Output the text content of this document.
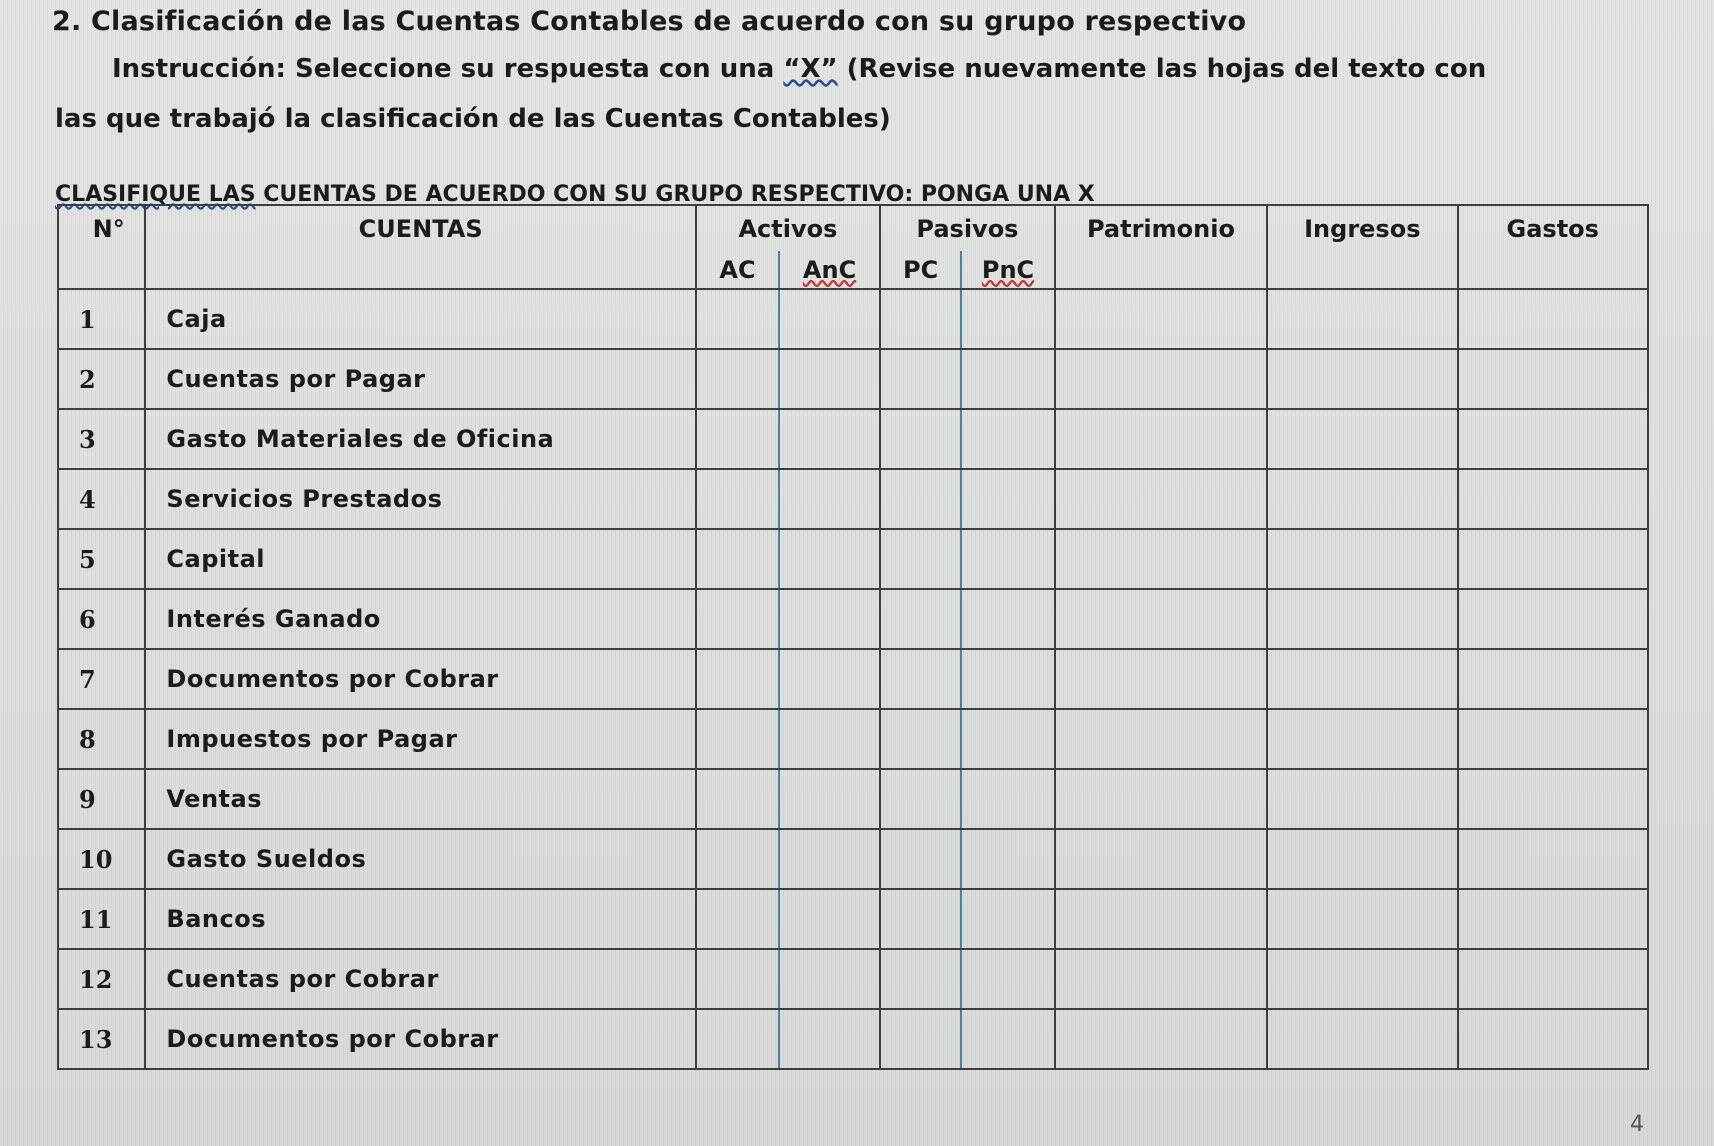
2. Clasificación de las Cuentas Contables de acuerdo con su grupo respectivo
Instrucción: Seleccione su respuesta con una “X” (Revise nuevamente las hojas del texto con
las que trabajó la clasificación de las Cuentas Contables)
CLASIFIQUE LAS CUENTAS DE ACUERDO CON SU GRUPO RESPECTIVO: PONGA UNA X
N°	CUENTAS	Activos		Pasivos		Patrimonio	Ingresos	Gastos
		AC	AnC	PC	PnC			
1	Caja							
2	Cuentas por Pagar							
3	Gasto Materiales de Oficina							
4	Servicios Prestados							
5	Capital							
6	Interés Ganado							
7	Documentos por Cobrar							
8	Impuestos por Pagar							
9	Ventas							
10	Gasto Sueldos							
11	Bancos							
12	Cuentas por Cobrar							
13	Documentos por Cobrar							
4
